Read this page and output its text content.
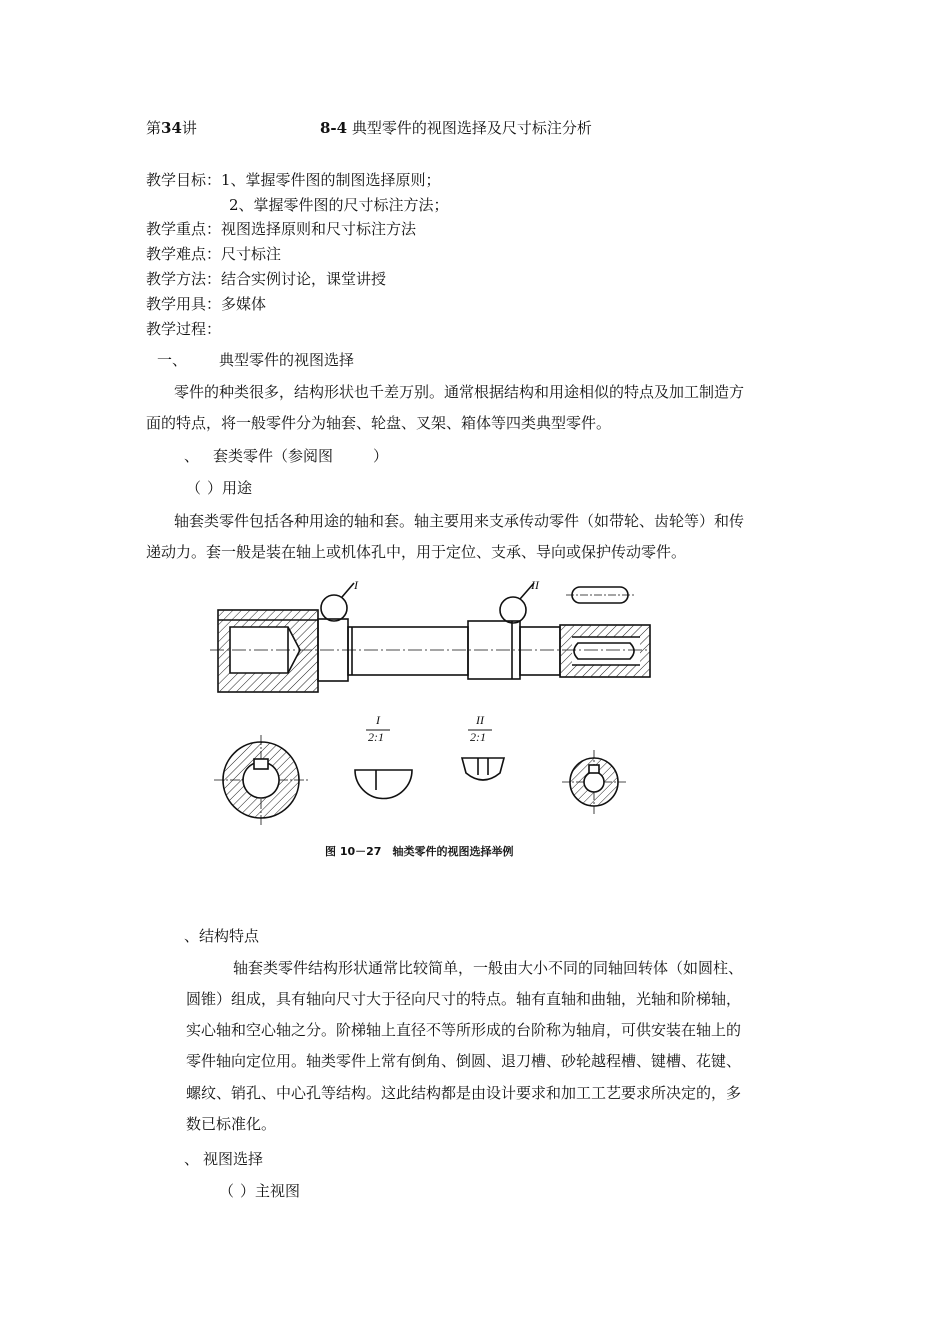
第34讲	8-4 典型零件的视图选择及尺寸标注分析
教学目标：1、掌握零件图的制图选择原则；
2、掌握零件图的尺寸标注方法；
教学重点：视图选择原则和尺寸标注方法
教学难点：尺寸标注
教学方法：结合实例讨论，课堂讲授
教学用具：多媒体
教学过程：
一、 典型零件的视图选择
零件的种类很多，结构形状也千差万别。通常根据结构和用途相似的特点及加工制造方
面的特点，将一般零件分为轴套、轮盘、叉架、箱体等四类典型零件。
、 套类零件（参阅图	）
（ ）用途
轴套类零件包括各种用途的轴和套。轴主要用来支承传动零件（如带轮、齿轮等）和传
递动力。套一般是装在轴上或机体孔中，用于定位、支承、导向或保护传动零件。
I	II
I
2:1
II
2:1
图 10－27　轴类零件的视图选择举例
、结构特点
轴套类零件结构形状通常比较简单，一般由大小不同的同轴回转体（如圆柱、
圆锥）组成，具有轴向尺寸大于径向尺寸的特点。轴有直轴和曲轴，光轴和阶梯轴，
实心轴和空心轴之分。阶梯轴上直径不等所形成的台阶称为轴肩，可供安装在轴上的
零件轴向定位用。轴类零件上常有倒角、倒圆、退刀槽、砂轮越程槽、键槽、花键、
螺纹、销孔、中心孔等结构。这此结构都是由设计要求和加工工艺要求所决定的，多
数已标准化。
、 视图选择
（ ）主视图
